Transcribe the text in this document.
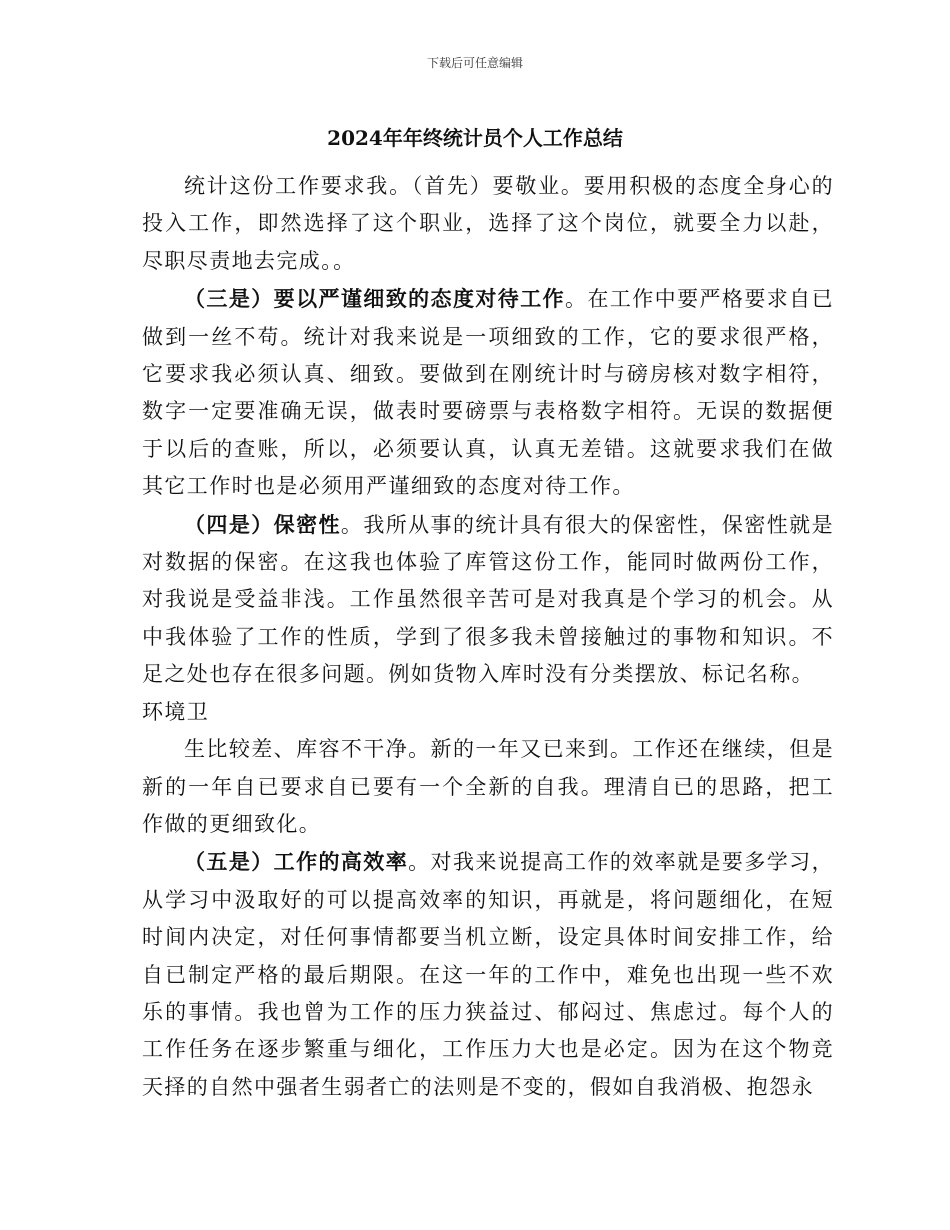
下载后可任意编辑
2024年年终统计员个人工作总结

统计这份工作要求我。（首先）要敬业。要用积极的态度全身心的投入工作，即然选择了这个职业，选择了这个岗位，就要全力以赴，尽职尽责地去完成。。

（三是）要以严谨细致的态度对待工作。在工作中要严格要求自已做到一丝不苟。统计对我来说是一项细致的工作，它的要求很严格，它要求我必须认真、细致。要做到在刚统计时与磅房核对数字相符，数字一定要准确无误，做表时要磅票与表格数字相符。无误的数据便于以后的查账，所以，必须要认真，认真无差错。这就要求我们在做其它工作时也是必须用严谨细致的态度对待工作。

（四是）保密性。我所从事的统计具有很大的保密性，保密性就是对数据的保密。在这我也体验了库管这份工作，能同时做两份工作，对我说是受益非浅。工作虽然很辛苦可是对我真是个学习的机会。从中我体验了工作的性质，学到了很多我未曾接触过的事物和知识。不足之处也存在很多问题。例如货物入库时没有分类摆放、标记名称。

环境卫

生比较差、库容不干净。新的一年又已来到。工作还在继续，但是新的一年自已要求自已要有一个全新的自我。理清自已的思路，把工作做的更细致化。

（五是）工作的高效率。对我来说提高工作的效率就是要多学习，从学习中汲取好的可以提高效率的知识，再就是，将问题细化，在短时间内决定，对任何事情都要当机立断，设定具体时间安排工作，给自已制定严格的最后期限。在这一年的工作中，难免也出现一些不欢乐的事情。我也曾为工作的压力狭益过、郁闷过、焦虑过。每个人的工作任务在逐步繁重与细化，工作压力大也是必定。因为在这个物竞天择的自然中强者生弱者亡的法则是不变的，假如自我消极、抱怨永
